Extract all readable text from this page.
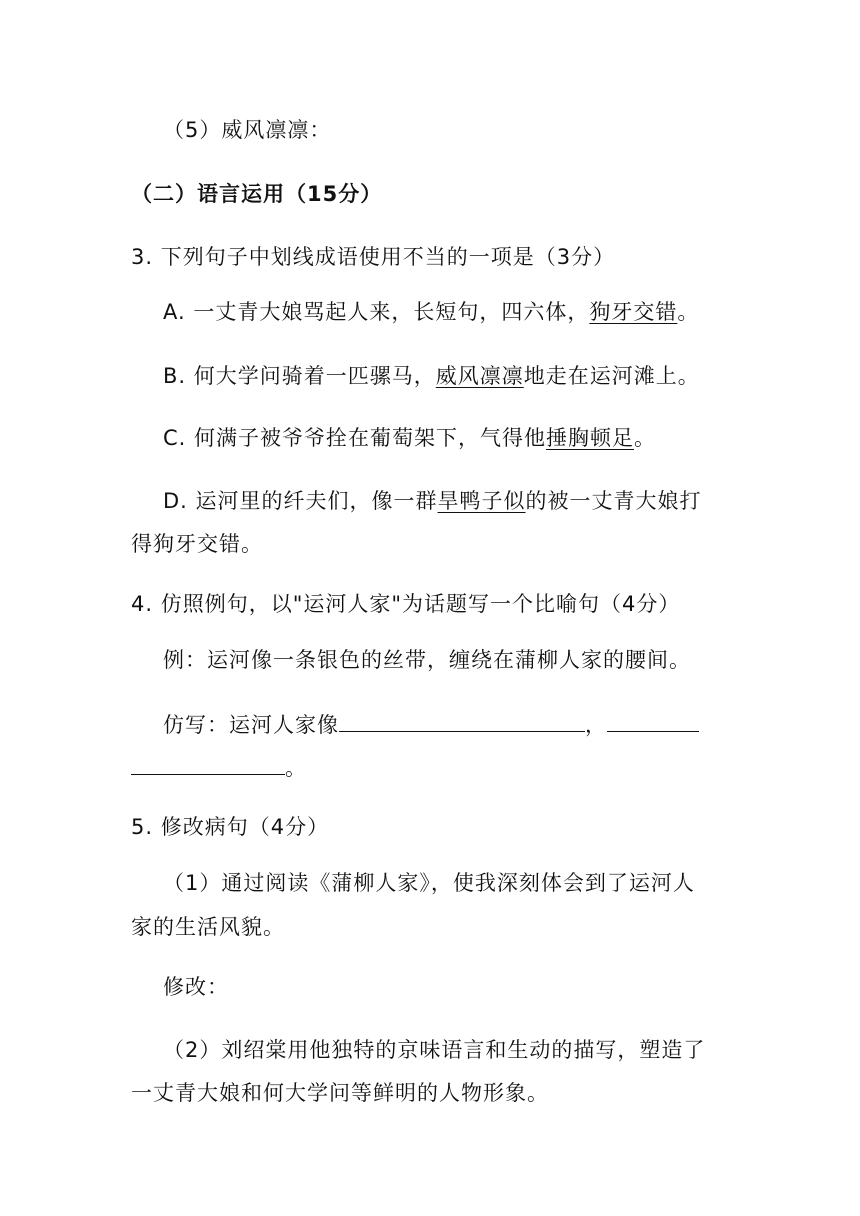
（5）威风凛凛：
（二）语言运用（15分）
3. 下列句子中划线成语使用不当的一项是（3分）
A. 一丈青大娘骂起人来，长短句，四六体，狗牙交错。
B. 何大学问骑着一匹骡马，威风凛凛地走在运河滩上。
C. 何满子被爷爷拴在葡萄架下，气得他捶胸顿足。
D. 运河里的纤夫们，像一群旱鸭子似的被一丈青大娘打
得狗牙交错。
4. 仿照例句，以"运河人家"为话题写一个比喻句（4分）
例：运河像一条银色的丝带，缠绕在蒲柳人家的腰间。
仿写：运河人家像	，
。
5. 修改病句（4分）
（1）通过阅读《蒲柳人家》，使我深刻体会到了运河人
家的生活风貌。
修改：
（2）刘绍棠用他独特的京味语言和生动的描写，塑造了
一丈青大娘和何大学问等鲜明的人物形象。
